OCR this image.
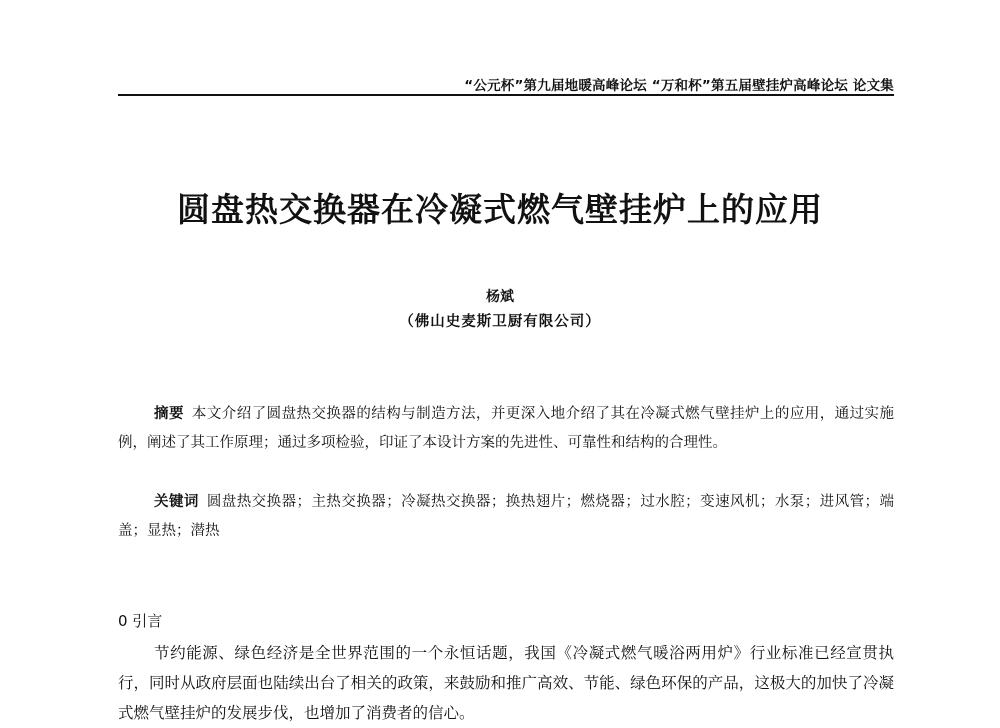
“公元杯”第九届地暖高峰论坛 “万和杯”第五届壁挂炉高峰论坛 论文集
圆盘热交换器在冷凝式燃气壁挂炉上的应用
杨斌
（佛山史麦斯卫厨有限公司）

摘要 本文介绍了圆盘热交换器的结构与制造方法，并更深入地介绍了其在冷凝式燃气壁挂炉上的应用，通过实施例，阐述了其工作原理；通过多项检验，印证了本设计方案的先进性、可靠性和结构的合理性。

关键词 圆盘热交换器；主热交换器；冷凝热交换器；换热翅片；燃烧器；过水腔；变速风机；水泵；进风管；端盖；显热；潜热

0 引言

节约能源、绿色经济是全世界范围的一个永恒话题，我国《冷凝式燃气暖浴两用炉》行业标准已经宣贯执行，同时从政府层面也陆续出台了相关的政策，来鼓励和推广高效、节能、绿色环保的产品，这极大的加快了冷凝式燃气壁挂炉的发展步伐，也增加了消费者的信心。
